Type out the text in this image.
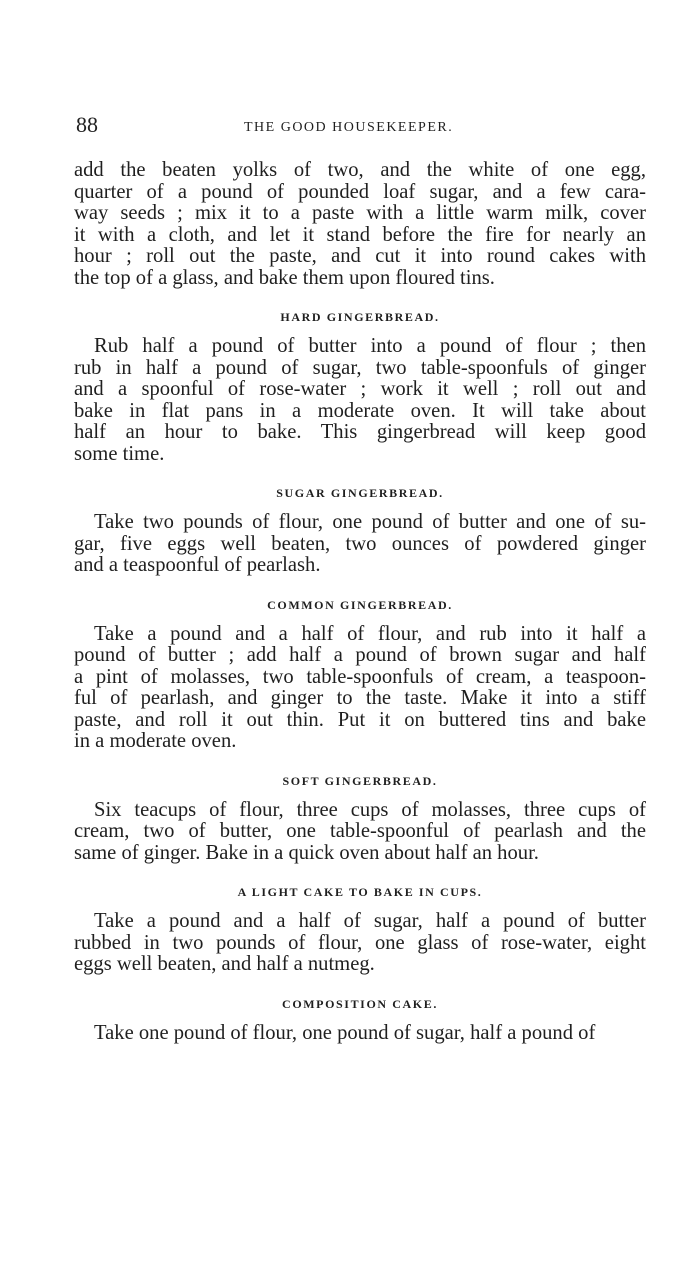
88	THE GOOD HOUSEKEEPER.

add the beaten yolks of two, and the white of one egg,
quarter of a pound of pounded loaf sugar, and a few cara-
way seeds ; mix it to a paste with a little warm milk, cover
it with a cloth, and let it stand before the fire for nearly an
hour ; roll out the paste, and cut it into round cakes with
the top of a glass, and bake them upon floured tins.

HARD GINGERBREAD.

Rub half a pound of butter into a pound of flour ; then
rub in half a pound of sugar, two table-spoonfuls of ginger
and a spoonful of rose-water ; work it well ; roll out and
bake in flat pans in a moderate oven. It will take about
half an hour to bake. This gingerbread will keep good
some time.

SUGAR GINGERBREAD.

Take two pounds of flour, one pound of butter and one of su-
gar, five eggs well beaten, two ounces of powdered ginger
and a teaspoonful of pearlash.

COMMON GINGERBREAD.

Take a pound and a half of flour, and rub into it half a
pound of butter ; add half a pound of brown sugar and half
a pint of molasses, two table-spoonfuls of cream, a teaspoon-
ful of pearlash, and ginger to the taste. Make it into a stiff
paste, and roll it out thin. Put it on buttered tins and bake
in a moderate oven.

SOFT GINGERBREAD.

Six teacups of flour, three cups of molasses, three cups of
cream, two of butter, one table-spoonful of pearlash and the
same of ginger. Bake in a quick oven about half an hour.

A LIGHT CAKE TO BAKE IN CUPS.

Take a pound and a half of sugar, half a pound of butter
rubbed in two pounds of flour, one glass of rose-water, eight
eggs well beaten, and half a nutmeg.

COMPOSITION CAKE.

Take one pound of flour, one pound of sugar, half a pound of
